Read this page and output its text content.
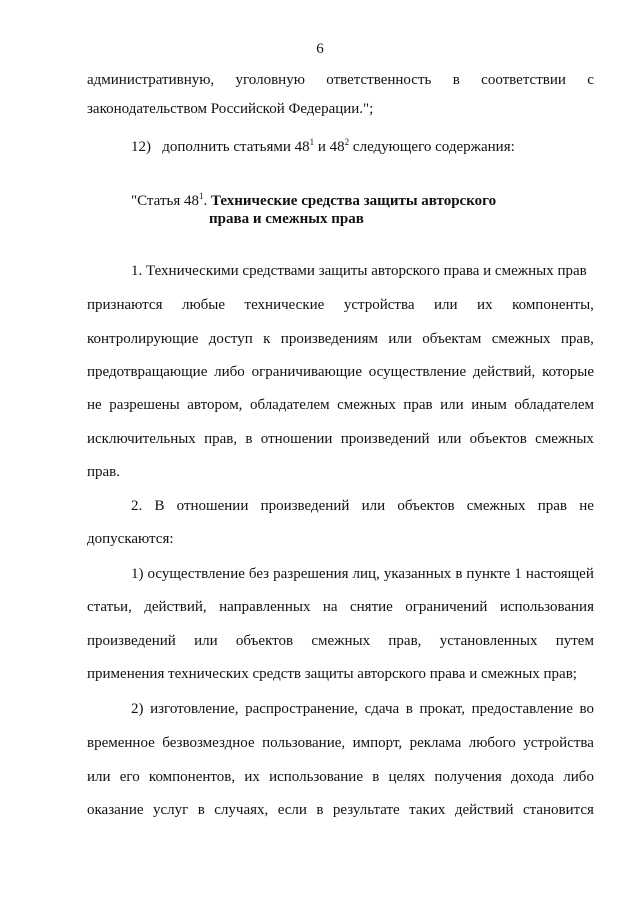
6
административную, уголовную ответственность в соответствии с
законодательством Российской Федерации.";
12) дополнить статьями $48^1$ и $48^2$ следующего содержания:
"Статья $48^1$. Технические средства защиты авторского
права и смежных прав
1. Техническими средствами защиты авторского права и смежных прав
признаются любые технические устройства или их компоненты,
контролирующие доступ к произведениям или объектам смежных прав,
предотвращающие либо ограничивающие осуществление действий, которые
не разрешены автором, обладателем смежных прав или иным обладателем
исключительных прав, в отношении произведений или объектов смежных
прав.
2. В отношении произведений или объектов смежных прав не
допускаются:
1) осуществление без разрешения лиц, указанных в пункте 1 настоящей
статьи, действий, направленных на снятие ограничений использования
произведений или объектов смежных прав, установленных путем
применения технических средств защиты авторского права и смежных прав;
2) изготовление, распространение, сдача в прокат, предоставление во
временное безвозмездное пользование, импорт, реклама любого устройства
или его компонентов, их использование в целях получения дохода либо
оказание услуг в случаях, если в результате таких действий становится
